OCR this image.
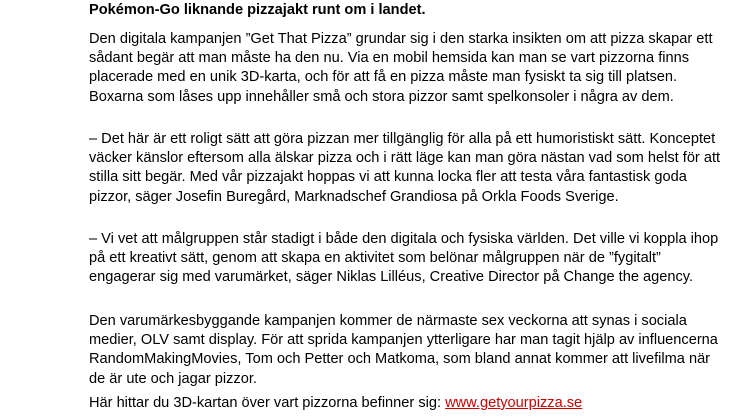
Pokémon-Go liknande pizzajakt runt om i landet.

Den digitala kampanjen ”Get That Pizza” grundar sig i den starka insikten om att pizza skapar ett sådant begär att man måste ha den nu. Via en mobil hemsida kan man se vart pizzorna finns placerade med en unik 3D-karta, och för att få en pizza måste man fysiskt ta sig till platsen. Boxarna som låses upp innehåller små och stora pizzor samt spelkonsoler i några av dem.

– Det här är ett roligt sätt att göra pizzan mer tillgänglig för alla på ett humoristiskt sätt. Konceptet väcker känslor eftersom alla älskar pizza och i rätt läge kan man göra nästan vad som helst för att stilla sitt begär. Med vår pizzajakt hoppas vi att kunna locka fler att testa våra fantastisk goda pizzor, säger Josefin Buregård, Marknadschef Grandiosa på Orkla Foods Sverige.

– Vi vet att målgruppen står stadigt i både den digitala och fysiska världen. Det ville vi koppla ihop på ett kreativt sätt, genom att skapa en aktivitet som belönar målgruppen när de ”fygitalt” engagerar sig med varumärket, säger Niklas Lilléus, Creative Director på Change the agency.

Den varumärkesbyggande kampanjen kommer de närmaste sex veckorna att synas i sociala medier, OLV samt display. För att sprida kampanjen ytterligare har man tagit hjälp av influencerna RandomMakingMovies, Tom och Petter och Matkoma, som bland annat kommer att livefilma när de är ute och jagar pizzor.

Här hittar du 3D-kartan över vart pizzorna befinner sig: www.getyourpizza.se
